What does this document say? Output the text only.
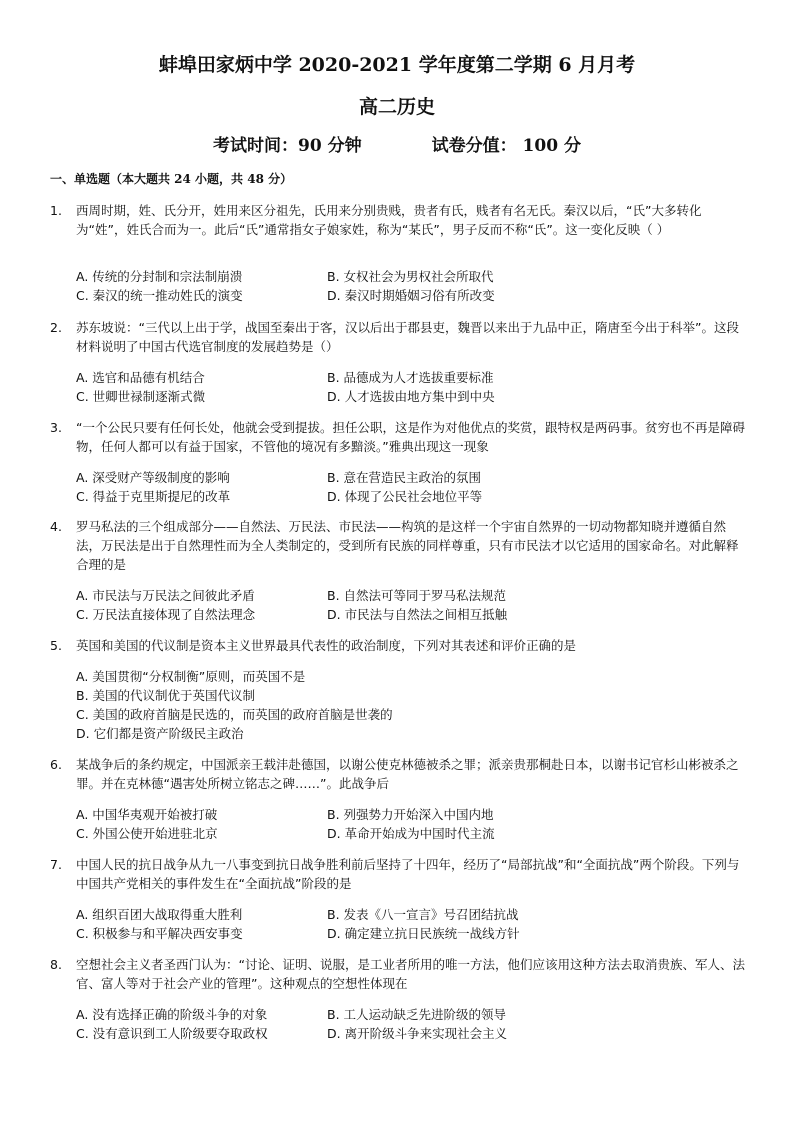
蚌埠田家炳中学 2020-2021 学年度第二学期 6 月月考
高二历史
考试时间：90 分钟	试卷分值： 100 分
一、单选题（本大题共 24 小题，共 48 分）
1. 西周时期，姓、氏分开，姓用来区分祖先，氏用来分别贵贱，贵者有氏，贱者有名无氏。秦汉以后，“氏”大多转化为“姓”，姓氏合而为一。此后“氏”通常指女子娘家姓，称为“某氏”，男子反而不称“氏”。这一变化反映（ ）

A. 传统的分封制和宗法制崩溃	B. 女权社会为男权社会所取代
C. 秦汉的统一推动姓氏的演变	D. 秦汉时期婚姻习俗有所改变
2. 苏东坡说：“三代以上出于学，战国至秦出于客，汉以后出于郡县吏，魏晋以来出于九品中正，隋唐至今出于科举”。这段材料说明了中国古代选官制度的发展趋势是（）

A. 选官和品德有机结合	B. 品德成为人才选拔重要标准
C. 世卿世禄制逐渐式微	D. 人才选拔由地方集中到中央
3. “一个公民只要有任何长处，他就会受到提拔。担任公职，这是作为对他优点的奖赏，跟特权是两码事。贫穷也不再是障碍物，任何人都可以有益于国家，不管他的境况有多黯淡。”雅典出现这一现象

A. 深受财产等级制度的影响	B. 意在营造民主政治的氛围
C. 得益于克里斯提尼的改革	D. 体现了公民社会地位平等
4. 罗马私法的三个组成部分——自然法、万民法、市民法——构筑的是这样一个宇宙自然界的一切动物都知晓并遵循自然法，万民法是出于自然理性而为全人类制定的，受到所有民族的同样尊重，只有市民法才以它适用的国家命名。对此解释合理的是

A. 市民法与万民法之间彼此矛盾	B. 自然法可等同于罗马私法规范
C. 万民法直接体现了自然法理念	D. 市民法与自然法之间相互抵触
5. 英国和美国的代议制是资本主义世界最具代表性的政治制度，下列对其表述和评价正确的是

A. 美国贯彻“分权制衡”原则，而英国不是
B. 美国的代议制优于英国代议制
C. 美国的政府首脑是民选的，而英国的政府首脑是世袭的
D. 它们都是资产阶级民主政治
6. 某战争后的条约规定，中国派亲王载沣赴德国，以谢公使克林德被杀之罪；派亲贵那桐赴日本，以谢书记官杉山彬被杀之罪。并在克林德“遇害处所树立铭志之碑……”。此战争后

A. 中国华夷观开始被打破	B. 列强势力开始深入中国内地
C. 外国公使开始进驻北京	D. 革命开始成为中国时代主流
7. 中国人民的抗日战争从九一八事变到抗日战争胜利前后坚持了十四年，经历了“局部抗战”和“全面抗战”两个阶段。下列与中国共产党相关的事件发生在“全面抗战”阶段的是

A. 组织百团大战取得重大胜利	B. 发表《八一宣言》号召团结抗战
C. 积极参与和平解决西安事变	D. 确定建立抗日民族统一战线方针
8. 空想社会主义者圣西门认为：“讨论、证明、说服，是工业者所用的唯一方法，他们应该用这种方法去取消贵族、军人、法官、富人等对于社会产业的管理”。这种观点的空想性体现在

A. 没有选择正确的阶级斗争的对象	B. 工人运动缺乏先进阶级的领导
C. 没有意识到工人阶级要夺取政权	D. 离开阶级斗争来实现社会主义
